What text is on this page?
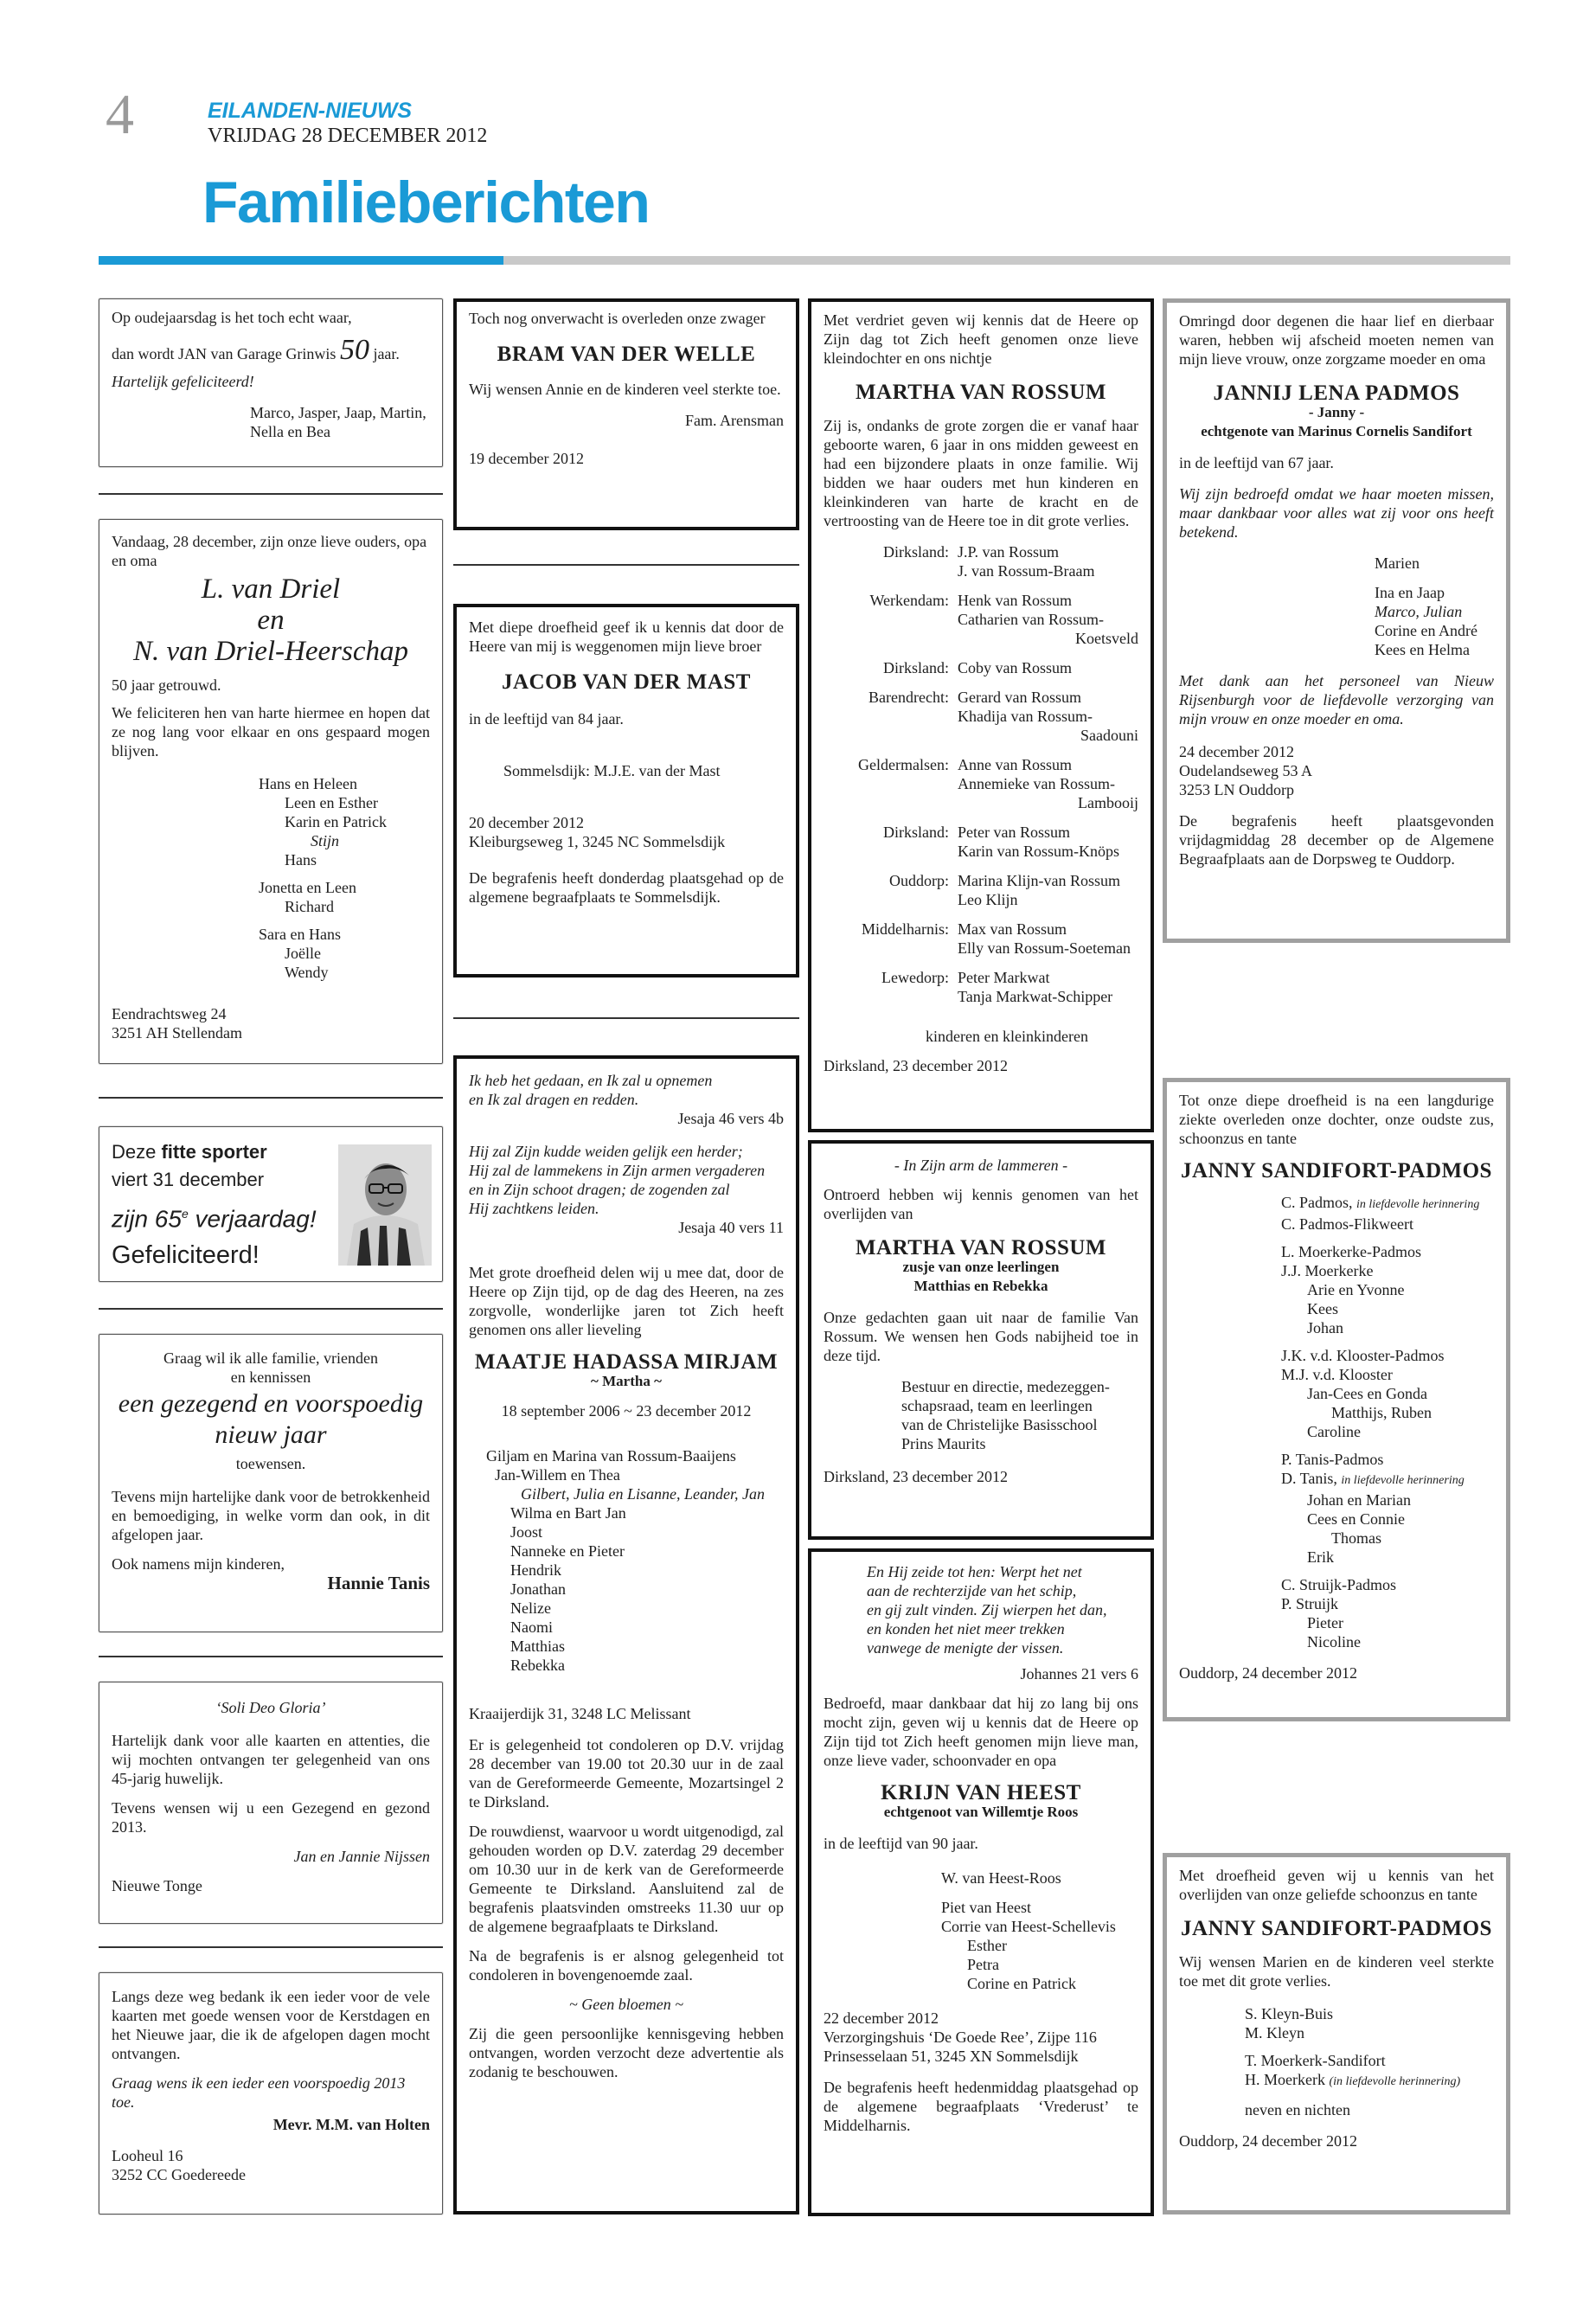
4	EILANDEN-NIEUWS
VRIJDAG 28 DECEMBER 2012
Familieberichten

Op oudejaarsdag is het toch echt waar,

dan wordt JAN van Garage Grinwis 50 jaar.

Hartelijk gefeliciteerd!

Marco, Jasper, Jaap, Martin,

Nella en Bea

Vandaag, 28 december, zijn onze lieve ouders, opa en oma

L. van Driel

en

N. van Driel-Heerschap

50 jaar getrouwd.

We feliciteren hen van harte hiermee en hopen dat ze nog lang voor elkaar en ons gespaard mogen blijven.

Hans en Heleen

Leen en Esther

Karin en Patrick

Stijn

Hans

Jonetta en Leen

Richard

Sara en Hans

Joëlle

Wendy

Eendrachtsweg 24

3251 AH Stellendam

Deze fitte sporter

viert 31 december

zijn 65e verjaardag!

Gefeliciteerd!

Graag wil ik alle familie, vrienden

en kennissen

een gezegend en voorspoedig nieuw jaar

toewensen.

Tevens mijn hartelijke dank voor de betrokkenheid en bemoediging, in welke vorm dan ook, in dit afgelopen jaar.

Ook namens mijn kinderen,

Hannie Tanis

‘Soli Deo Gloria’

Hartelijk dank voor alle kaarten en attenties, die wij mochten ontvangen ter gelegenheid van ons 45-jarig huwelijk.

Tevens wensen wij u een Gezegend en gezond 2013.

Jan en Jannie Nijssen

Nieuwe Tonge

Langs deze weg bedank ik een ieder voor de vele kaarten met goede wensen voor de Kerstdagen en het Nieuwe jaar, die ik de afgelopen dagen mocht ontvangen.

Graag wens ik een ieder een voorspoedig 2013 toe.

Mevr. M.M. van Holten

Looheul 16

3252 CC Goedereede

Toch nog onverwacht is overleden onze zwager

BRAM VAN DER WELLE

Wij wensen Annie en de kinderen veel sterkte toe.

Fam. Arensman

19 december 2012

Met diepe droefheid geef ik u kennis dat door de Heere van mij is weggenomen mijn lieve broer

JACOB VAN DER MAST

in de leeftijd van 84 jaar.

Sommelsdijk: M.J.E. van der Mast

20 december 2012

Kleiburgseweg 1, 3245 NC Sommelsdijk

De begrafenis heeft donderdag plaatsgehad op de algemene begraafplaats te Sommelsdijk.

Ik heb het gedaan, en Ik zal u opnemen

en Ik zal dragen en redden.

Jesaja 46 vers 4b

Hij zal Zijn kudde weiden gelijk een herder;

Hij zal de lammekens in Zijn armen vergaderen

en in Zijn schoot dragen; de zogenden zal

Hij zachtkens leiden.

Jesaja 40 vers 11

Met grote droefheid delen wij u mee dat, door de Heere op Zijn tijd, op de dag des Heeren, na zes zorgvolle, wonderlijke jaren tot Zich heeft genomen ons aller lieveling

MAATJE HADASSA MIRJAM

~ Martha ~

18 september 2006 ~ 23 december 2012

Giljam en Marina van Rossum-Baaijens

Jan-Willem en Thea

Gilbert, Julia en Lisanne, Leander, Jan

Wilma en Bart Jan

Joost

Nanneke en Pieter

Hendrik

Jonathan

Nelize

Naomi

Matthias

Rebekka

Kraaijerdijk 31, 3248 LC Melissant

Er is gelegenheid tot condoleren op D.V. vrijdag 28 december van 19.00 tot 20.30 uur in de zaal van de Gereformeerde Gemeente, Mozartsingel 2 te Dirksland.

De rouwdienst, waarvoor u wordt uitgenodigd, zal gehouden worden op D.V. zaterdag 29 december om 10.30 uur in de kerk van de Gereformeerde Gemeente te Dirksland. Aansluitend zal de begrafenis plaatsvinden omstreeks 11.30 uur op de algemene begraafplaats te Dirksland.

Na de begrafenis is er alsnog gelegenheid tot condoleren in bovengenoemde zaal.

~ Geen bloemen ~

Zij die geen persoonlijke kennisgeving hebben ontvangen, worden verzocht deze advertentie als zodanig te beschouwen.

Met verdriet geven wij kennis dat de Heere op Zijn dag tot Zich heeft genomen onze lieve kleindochter en ons nichtje

MARTHA VAN ROSSUM

Zij is, ondanks de grote zorgen die er vanaf haar geboorte waren, 6 jaar in ons midden geweest en had een bijzondere plaats in onze familie. Wij bidden we haar ouders met hun kinderen en kleinkinderen van harte de kracht en de vertroosting van de Heere toe in dit grote verlies.

Dirksland: J.P. van Rossum
J. van Rossum-Braam
Werkendam: Henk van Rossum
Catharien van Rossum-
Koetsveld
Dirksland: Coby van Rossum
Barendrecht: Gerard van Rossum
Khadija van Rossum-
Saadouni
Geldermalsen: Anne van Rossum
Annemieke van Rossum-
Lambooij
Dirksland: Peter van Rossum
Karin van Rossum-Knöps
Ouddorp: Marina Klijn-van Rossum
Leo Klijn
Middelharnis: Max van Rossum
Elly van Rossum-Soeteman
Lewedorp: Peter Markwat
Tanja Markwat-Schipper

kinderen en kleinkinderen

Dirksland, 23 december 2012

- In Zijn arm de lammeren -

Ontroerd hebben wij kennis genomen van het overlijden van

MARTHA VAN ROSSUM

zusje van onze leerlingen

Matthias en Rebekka

Onze gedachten gaan uit naar de familie Van Rossum. We wensen hen Gods nabijheid toe in deze tijd.

Bestuur en directie, medezeggen-

schapsraad, team en leerlingen

van de Christelijke Basisschool

Prins Maurits

Dirksland, 23 december 2012

En Hij zeide tot hen: Werpt het net

aan de rechterzijde van het schip,

en gij zult vinden. Zij wierpen het dan,

en konden het niet meer trekken

vanwege de menigte der vissen.

Johannes 21 vers 6

Bedroefd, maar dankbaar dat hij zo lang bij ons mocht zijn, geven wij u kennis dat de Heere op Zijn tijd tot Zich heeft genomen mijn lieve man, onze lieve vader, schoonvader en opa

KRIJN VAN HEEST

echtgenoot van Willemtje Roos

in de leeftijd van 90 jaar.

W. van Heest-Roos

Piet van Heest

Corrie van Heest-Schellevis

Esther

Petra

Corine en Patrick

22 december 2012

Verzorgingshuis ‘De Goede Ree’, Zijpe 116

Prinsesselaan 51, 3245 XN Sommelsdijk

De begrafenis heeft hedenmiddag plaatsgehad op de algemene begraafplaats ‘Vrederust’ te Middelharnis.

Omringd door degenen die haar lief en dierbaar waren, hebben wij afscheid moeten nemen van mijn lieve vrouw, onze zorgzame moeder en oma

JANNIJ LENA PADMOS

- Janny -

echtgenote van Marinus Cornelis Sandifort

in de leeftijd van 67 jaar.

Wij zijn bedroefd omdat we haar moeten missen, maar dankbaar voor alles wat zij voor ons heeft betekend.

Marien

Ina en Jaap

Marco, Julian

Corine en André

Kees en Helma

Met dank aan het personeel van Nieuw Rijsenburgh voor de liefdevolle verzorging van mijn vrouw en onze moeder en oma.

24 december 2012

Oudelandseweg 53 A

3253 LN Ouddorp

De begrafenis heeft plaatsgevonden vrijdagmiddag 28 december op de Algemene Begraafplaats aan de Dorpsweg te Ouddorp.

Tot onze diepe droefheid is na een langdurige ziekte overleden onze dochter, onze oudste zus, schoonzus en tante

JANNY SANDIFORT-PADMOS

C. Padmos, in liefdevolle herinnering

C. Padmos-Flikweert

L. Moerkerke-Padmos

J.J. Moerkerke

Arie en Yvonne

Kees

Johan

J.K. v.d. Klooster-Padmos

M.J. v.d. Klooster

Jan-Cees en Gonda

Matthijs, Ruben

Caroline

P. Tanis-Padmos

D. Tanis, in liefdevolle herinnering

Johan en Marian

Cees en Connie

Thomas

Erik

C. Struijk-Padmos

P. Struijk

Pieter

Nicoline

Ouddorp, 24 december 2012

Met droefheid geven wij u kennis van het overlijden van onze geliefde schoonzus en tante

JANNY SANDIFORT-PADMOS

Wij wensen Marien en de kinderen veel sterkte toe met dit grote verlies.

S. Kleyn-Buis

M. Kleyn

T. Moerkerk-Sandifort

H. Moerkerk (in liefdevolle herinnering)

neven en nichten

Ouddorp, 24 december 2012
